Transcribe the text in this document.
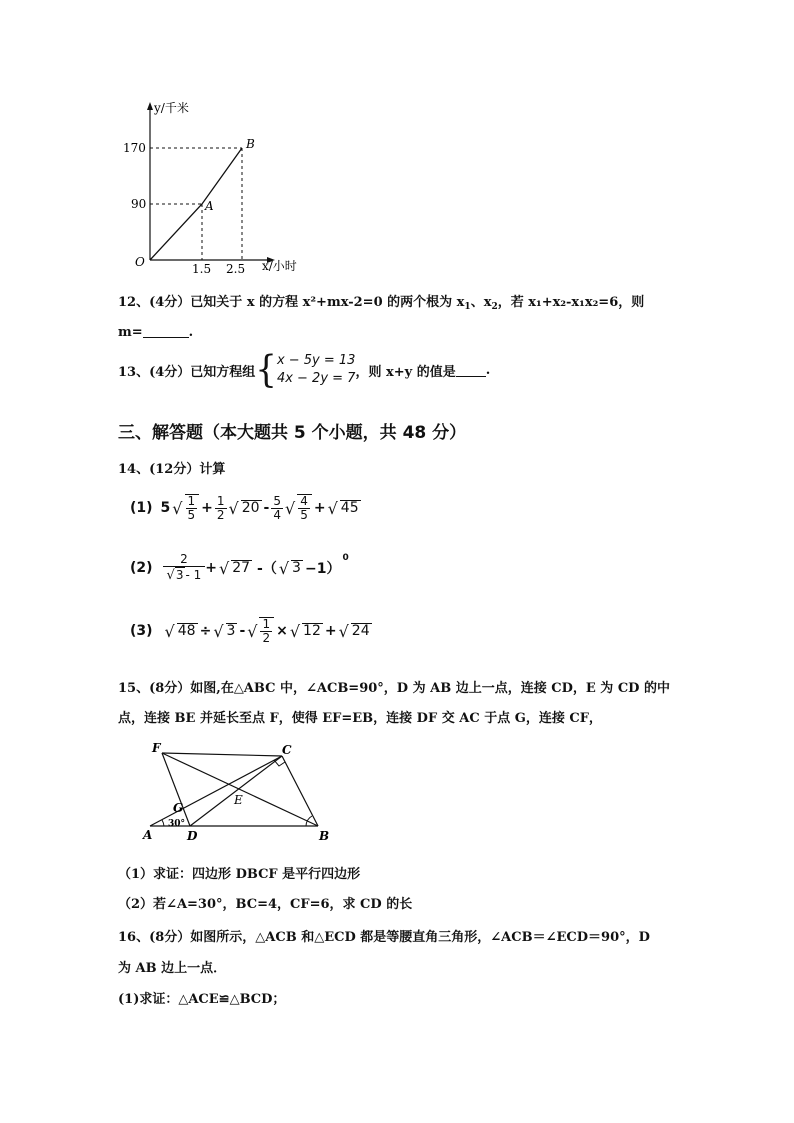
y/千米
x/小时
O
170
90
1.5 2.5
A
B
12、(4分）已知关于 x 的方程 x²+mx-2=0 的两个根为 $x_1$、$x_2$，若 x₁+x₂-x₁x₂=6，则
m=	.
13、(4分）已知方程组 { x − 5y = 13
4x − 2y = 7 ，则 x+y 的值是 .
三、解答题（本大题共 5 个小题，共 48 分）
14、(12分）计算
(1) 5 √ $\frac{1}{5} + \frac{1}{2}$ √ $20 - \frac{5}{4}$ √ $\frac{4}{5}$ + √ 45
$(2) \frac{2}{√3 - 1}$ + √ 27 -（ √ 3 −1）
0
(3) √ 48 ÷ √ 3 - √ $\frac{1}{2}$ × √ 12 + √ 24
15、(8分）如图,在△ABC 中，∠ACB=90°，D 为 AB 边上一点，连接 CD，E 为 CD 的中
点，连接 BE 并延长至点 F，使得 EF=EB，连接 DF 交 AC 于点 G，连接 CF，
F	C
G
E
A	D	B
30°
（1）求证：四边形 DBCF 是平行四边形
（2）若∠A=30°，BC=4，CF=6，求 CD 的长
16、(8分）如图所示，△ACB 和△ECD 都是等腰直角三角形，∠ACB＝∠ECD＝90°，D
为 AB 边上一点．
(1)求证：△ACE≌△BCD；
